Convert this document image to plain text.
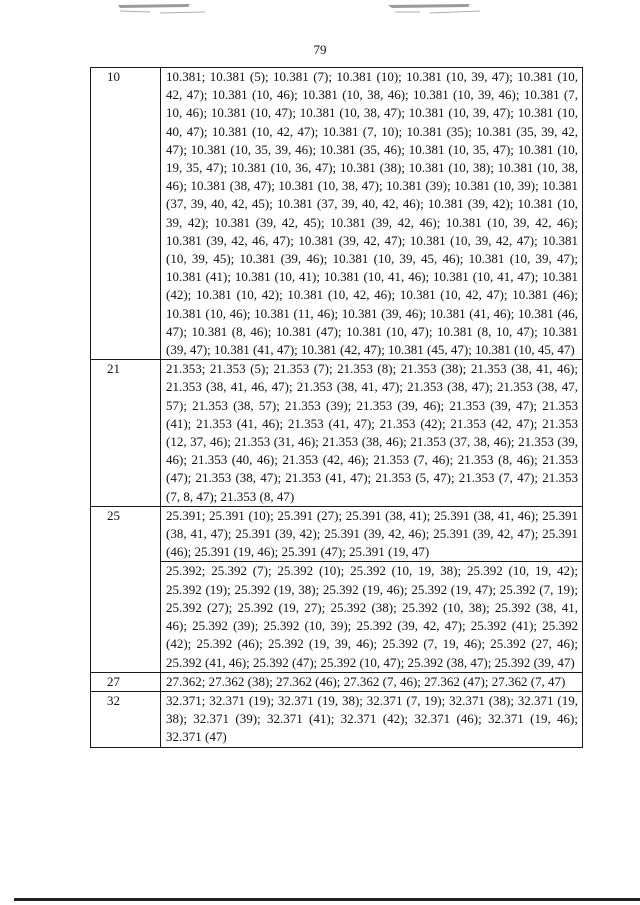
79
10	10.381; 10.381 (5); 10.381 (7); 10.381 (10); 10.381 (10, 39, 47); 10.381 (10, 42, 47); 10.381 (10, 46); 10.381 (10, 38, 46); 10.381 (10, 39, 46); 10.381 (7, 10, 46); 10.381 (10, 47); 10.381 (10, 38, 47); 10.381 (10, 39, 47); 10.381 (10, 40, 47); 10.381 (10, 42, 47); 10.381 (7, 10); 10.381 (35); 10.381 (35, 39, 42, 47); 10.381 (10, 35, 39, 46); 10.381 (35, 46); 10.381 (10, 35, 47); 10.381 (10, 19, 35, 47); 10.381 (10, 36, 47); 10.381 (38); 10.381 (10, 38); 10.381 (10, 38, 46); 10.381 (38, 47); 10.381 (10, 38, 47); 10.381 (39); 10.381 (10, 39); 10.381 (37, 39, 40, 42, 45); 10.381 (37, 39, 40, 42, 46); 10.381 (39, 42); 10.381 (10, 39, 42); 10.381 (39, 42, 45); 10.381 (39, 42, 46); 10.381 (10, 39, 42, 46); 10.381 (39, 42, 46, 47); 10.381 (39, 42, 47); 10.381 (10, 39, 42, 47); 10.381 (10, 39, 45); 10.381 (39, 46); 10.381 (10, 39, 45, 46); 10.381 (10, 39, 47); 10.381 (41); 10.381 (10, 41); 10.381 (10, 41, 46); 10.381 (10, 41, 47); 10.381 (42); 10.381 (10, 42); 10.381 (10, 42, 46); 10.381 (10, 42, 47); 10.381 (46); 10.381 (10, 46); 10.381 (11, 46); 10.381 (39, 46); 10.381 (41, 46); 10.381 (46, 47); 10.381 (8, 46); 10.381 (47); 10.381 (10, 47); 10.381 (8, 10, 47); 10.381 (39, 47); 10.381 (41, 47); 10.381 (42, 47); 10.381 (45, 47); 10.381 (10, 45, 47)
21	21.353; 21.353 (5); 21.353 (7); 21.353 (8); 21.353 (38); 21.353 (38, 41, 46); 21.353 (38, 41, 46, 47); 21.353 (38, 41, 47); 21.353 (38, 47); 21.353 (38, 47, 57); 21.353 (38, 57); 21.353 (39); 21.353 (39, 46); 21.353 (39, 47); 21.353 (41); 21.353 (41, 46); 21.353 (41, 47); 21.353 (42); 21.353 (42, 47); 21.353 (12, 37, 46); 21.353 (31, 46); 21.353 (38, 46); 21.353 (37, 38, 46); 21.353 (39, 46); 21.353 (40, 46); 21.353 (42, 46); 21.353 (7, 46); 21.353 (8, 46); 21.353 (47); 21.353 (38, 47); 21.353 (41, 47); 21.353 (5, 47); 21.353 (7, 47); 21.353 (7, 8, 47); 21.353 (8, 47)
25	25.391; 25.391 (10); 25.391 (27); 25.391 (38, 41); 25.391 (38, 41, 46); 25.391 (38, 41, 47); 25.391 (39, 42); 25.391 (39, 42, 46); 25.391 (39, 42, 47); 25.391 (46); 25.391 (19, 46); 25.391 (47); 25.391 (19, 47)
	25.392; 25.392 (7); 25.392 (10); 25.392 (10, 19, 38); 25.392 (10, 19, 42); 25.392 (19); 25.392 (19, 38); 25.392 (19, 46); 25.392 (19, 47); 25.392 (7, 19); 25.392 (27); 25.392 (19, 27); 25.392 (38); 25.392 (10, 38); 25.392 (38, 41, 46); 25.392 (39); 25.392 (10, 39); 25.392 (39, 42, 47); 25.392 (41); 25.392 (42); 25.392 (46); 25.392 (19, 39, 46); 25.392 (7, 19, 46); 25.392 (27, 46); 25.392 (41, 46); 25.392 (47); 25.392 (10, 47); 25.392 (38, 47); 25.392 (39, 47)
27	27.362; 27.362 (38); 27.362 (46); 27.362 (7, 46); 27.362 (47); 27.362 (7, 47)
32	32.371; 32.371 (19); 32.371 (19, 38); 32.371 (7, 19); 32.371 (38); 32.371 (19, 38); 32.371 (39); 32.371 (41); 32.371 (42); 32.371 (46); 32.371 (19, 46); 32.371 (47)
